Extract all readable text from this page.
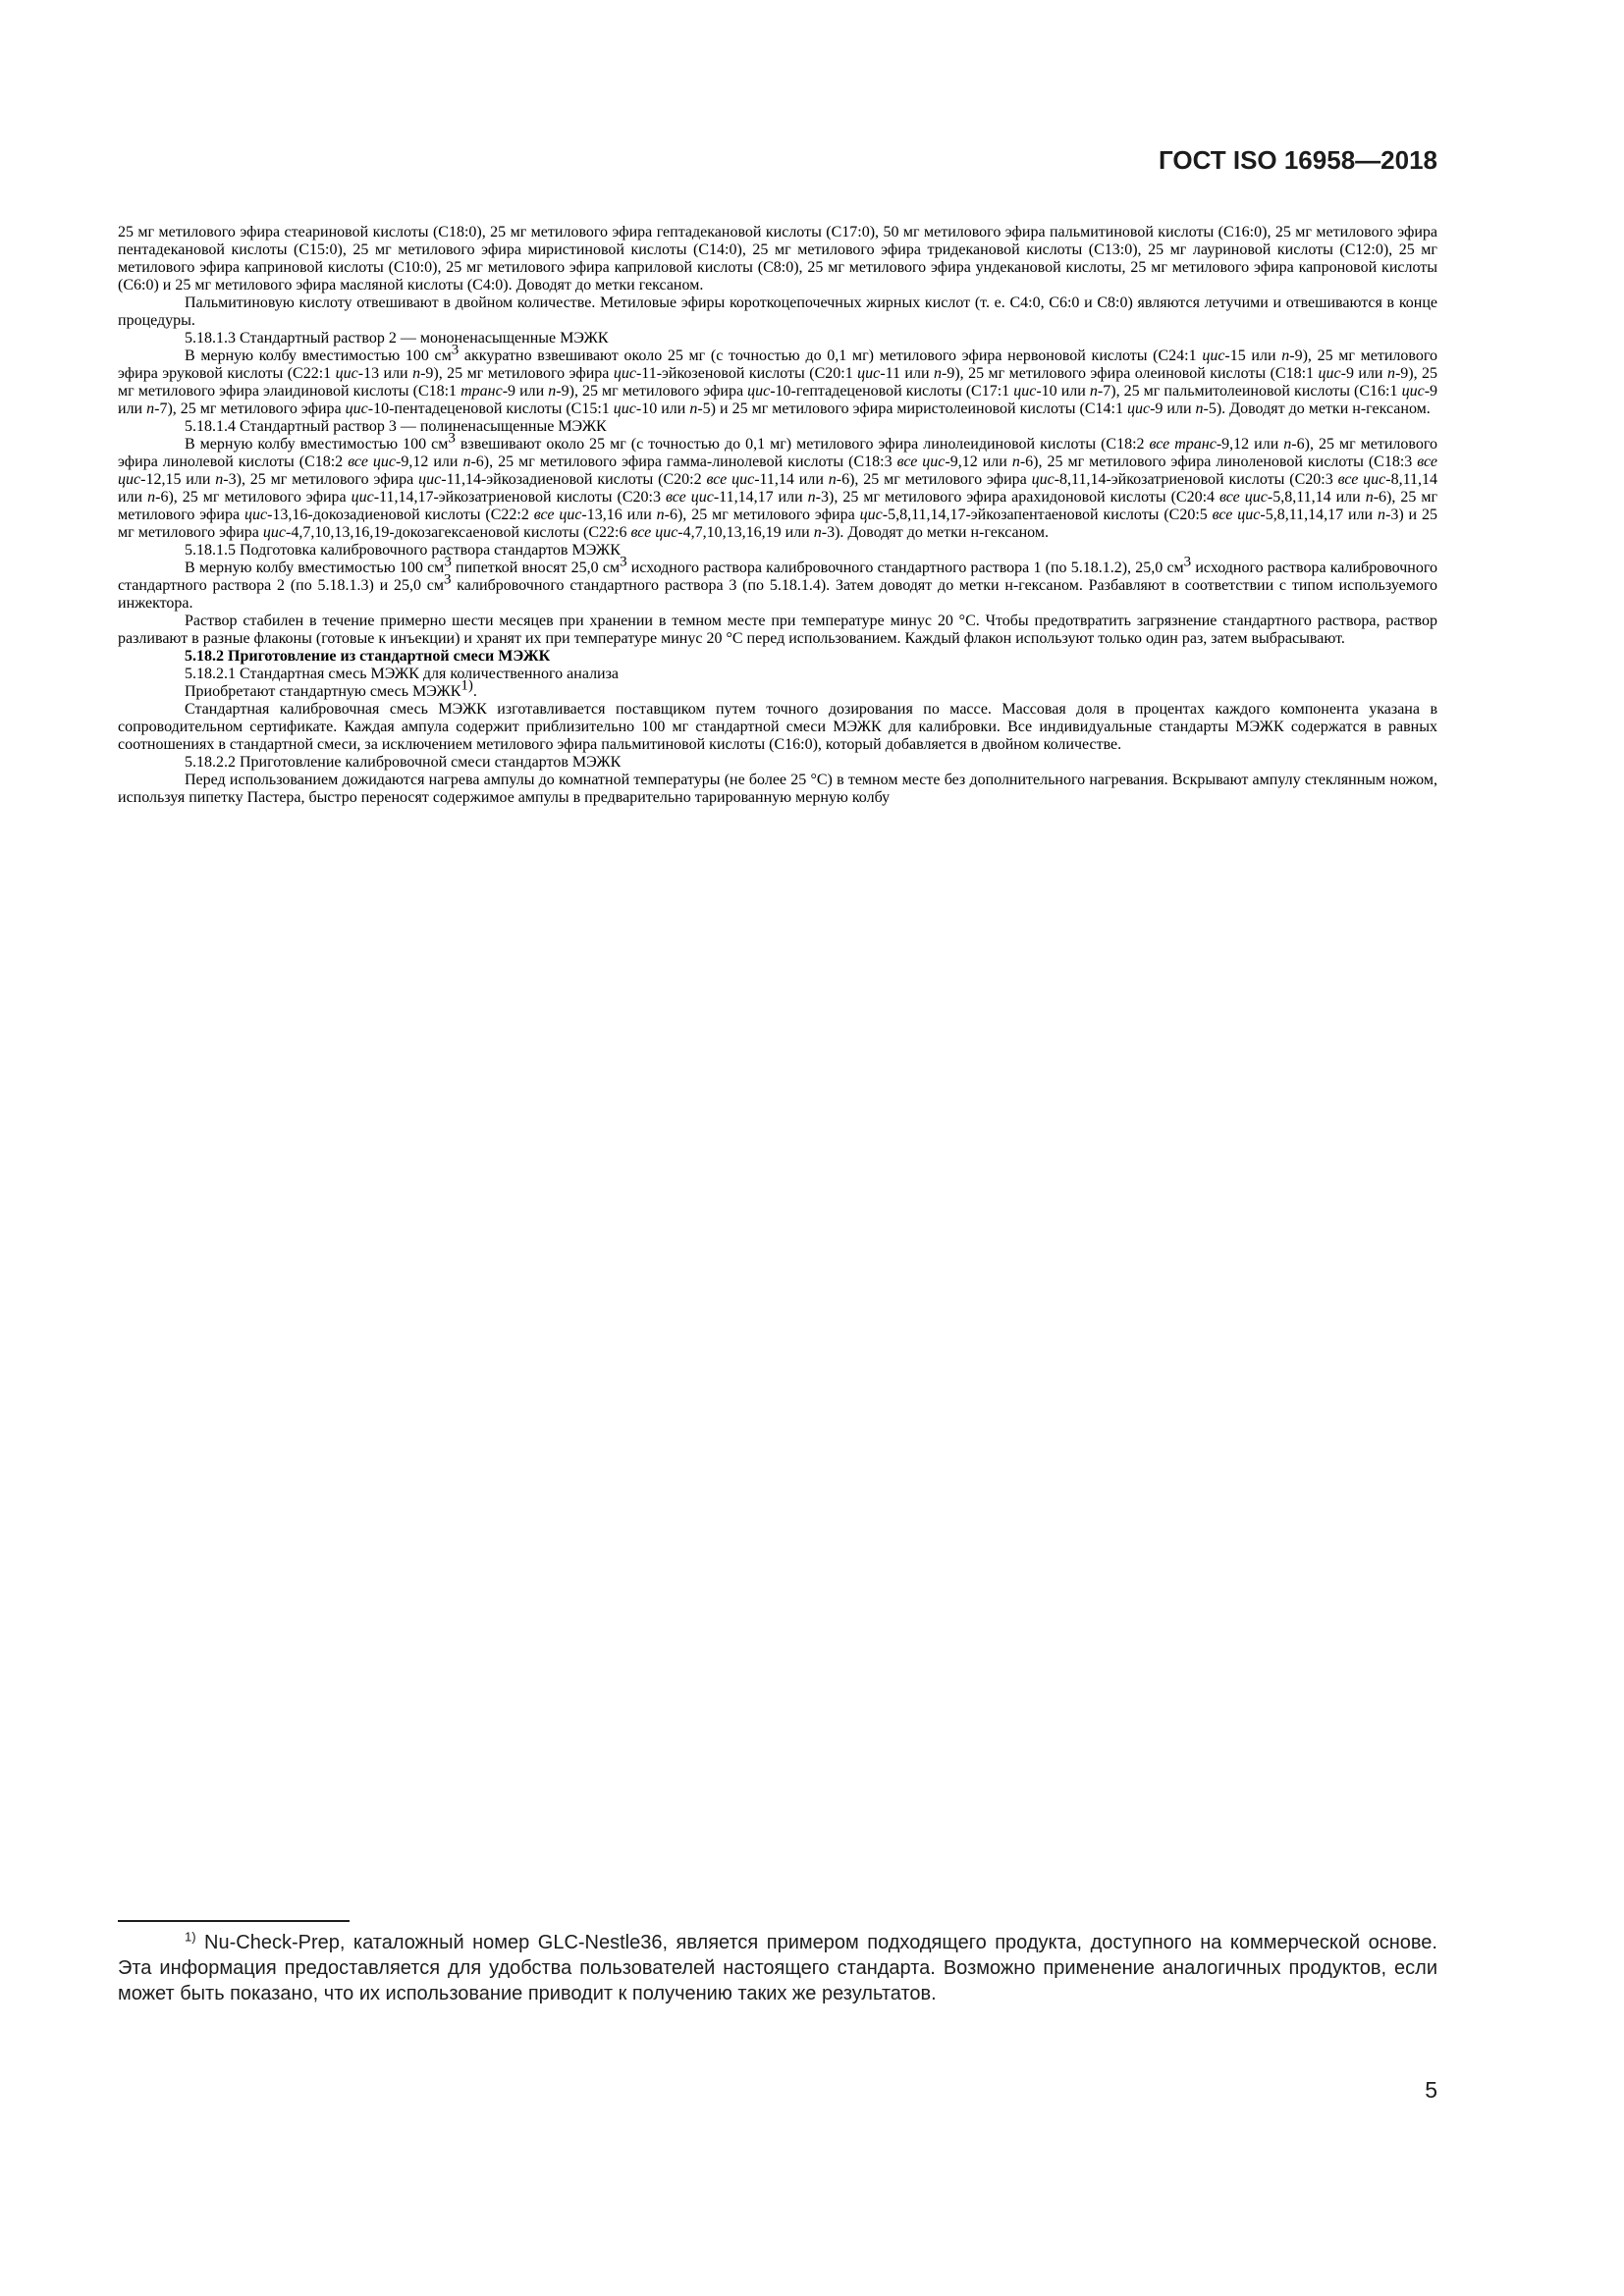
ГОСТ ISO 16958—2018

25 мг метилового эфира стеариновой кислоты (C18:0), 25 мг метилового эфира гептадекановой кислоты (C17:0), 50 мг метилового эфира пальмитиновой кислоты (C16:0), 25 мг метилового эфира пентадекановой кислоты (C15:0), 25 мг метилового эфира миристиновой кислоты (C14:0), 25 мг метилового эфира тридекановой кислоты (C13:0), 25 мг лауриновой кислоты (C12:0), 25 мг метилового эфира каприновой кислоты (C10:0), 25 мг метилового эфира каприловой кислоты (C8:0), 25 мг метилового эфира ундекановой кислоты, 25 мг метилового эфира капроновой кислоты (C6:0) и 25 мг метилового эфира масляной кислоты (C4:0). Доводят до метки гексаном.

Пальмитиновую кислоту отвешивают в двойном количестве. Метиловые эфиры короткоцепочечных жирных кислот (т. е. C4:0, C6:0 и C8:0) являются летучими и отвешиваются в конце процедуры.

5.18.1.3 Стандартный раствор 2 — мононенасыщенные МЭЖК

В мерную колбу вместимостью 100 $см^3$ аккуратно взвешивают около 25 мг (с точностью до 0,1 мг) метилового эфира нервоновой кислоты (C24:1 цис-15 или n-9), 25 мг метилового эфира эруковой кислоты (C22:1 цис-13 или n-9), 25 мг метилового эфира цис-11-эйкозеновой кислоты (C20:1 цис-11 или n-9), 25 мг метилового эфира олеиновой кислоты (C18:1 цис-9 или n-9), 25 мг метилового эфира элаидиновой кислоты (C18:1 транс-9 или n-9), 25 мг метилового эфира цис-10-гептадеценовой кислоты (C17:1 цис-10 или n-7), 25 мг пальмитолеиновой кислоты (C16:1 цис-9 или n-7), 25 мг метилового эфира цис-10-пентадеценовой кислоты (C15:1 цис-10 или n-5) и 25 мг метилового эфира миристолеиновой кислоты (C14:1 цис-9 или n-5). Доводят до метки н-гексаном.

5.18.1.4 Стандартный раствор 3 — полиненасыщенные МЭЖК

В мерную колбу вместимостью 100 $см^3$ взвешивают около 25 мг (с точностью до 0,1 мг) метилового эфира линолеидиновой кислоты (C18:2 все транс-9,12 или n-6), 25 мг метилового эфира линолевой кислоты (C18:2 все цис-9,12 или n-6), 25 мг метилового эфира гамма-линолевой кислоты (C18:3 все цис-9,12 или n-6), 25 мг метилового эфира линоленовой кислоты (C18:3 все цис-12,15 или n-3), 25 мг метилового эфира цис-11,14-эйкозадиеновой кислоты (C20:2 все цис-11,14 или n-6), 25 мг метилового эфира цис-8,11,14-эйкозатриеновой кислоты (C20:3 все цис-8,11,14 или n-6), 25 мг метилового эфира цис-11,14,17-эйкозатриеновой кислоты (C20:3 все цис-11,14,17 или n-3), 25 мг метилового эфира арахидоновой кислоты (C20:4 все цис-5,8,11,14 или n-6), 25 мг метилового эфира цис-13,16-докозадиеновой кислоты (C22:2 все цис-13,16 или n-6), 25 мг метилового эфира цис-5,8,11,14,17-эйкозапентаеновой кислоты (C20:5 все цис-5,8,11,14,17 или n-3) и 25 мг метилового эфира цис-4,7,10,13,16,19-докозагексаеновой кислоты (C22:6 все цис-4,7,10,13,16,19 или n-3). Доводят до метки н-гексаном.

5.18.1.5 Подготовка калибровочного раствора стандартов МЭЖК

В мерную колбу вместимостью 100 $см^3$ пипеткой вносят 25,0 $см^3$ исходного раствора калибровочного стандартного раствора 1 (по 5.18.1.2), 25,0 $см^3$ исходного раствора калибровочного стандартного раствора 2 (по 5.18.1.3) и 25,0 $см^3$ калибровочного стандартного раствора 3 (по 5.18.1.4). Затем доводят до метки н-гексаном. Разбавляют в соответствии с типом используемого инжектора.

Раствор стабилен в течение примерно шести месяцев при хранении в темном месте при температуре минус 20 °C. Чтобы предотвратить загрязнение стандартного раствора, раствор разливают в разные флаконы (готовые к инъекции) и хранят их при температуре минус 20 °C перед использованием. Каждый флакон используют только один раз, затем выбрасывают.

5.18.2 Приготовление из стандартной смеси МЭЖК

5.18.2.1 Стандартная смесь МЭЖК для количественного анализа

Приобретают стандартную смесь МЭЖК$^{1)}$.

Стандартная калибровочная смесь МЭЖК изготавливается поставщиком путем точного дозирования по массе. Массовая доля в процентах каждого компонента указана в сопроводительном сертификате. Каждая ампула содержит приблизительно 100 мг стандартной смеси МЭЖК для калибровки. Все индивидуальные стандарты МЭЖК содержатся в равных соотношениях в стандартной смеси, за исключением метилового эфира пальмитиновой кислоты (C16:0), который добавляется в двойном количестве.

5.18.2.2 Приготовление калибровочной смеси стандартов МЭЖК

Перед использованием дожидаются нагрева ампулы до комнатной температуры (не более 25 °C) в темном месте без дополнительного нагревания. Вскрывают ампулу стеклянным ножом, используя пипетку Пастера, быстро переносят содержимое ампулы в предварительно тарированную мерную колбу

$^{1)}$ Nu-Check-Prep, каталожный номер GLC-Nestle36, является примером подходящего продукта, доступного на коммерческой основе. Эта информация предоставляется для удобства пользователей настоящего стандарта. Возможно применение аналогичных продуктов, если может быть показано, что их использование приводит к получению таких же результатов.

5
